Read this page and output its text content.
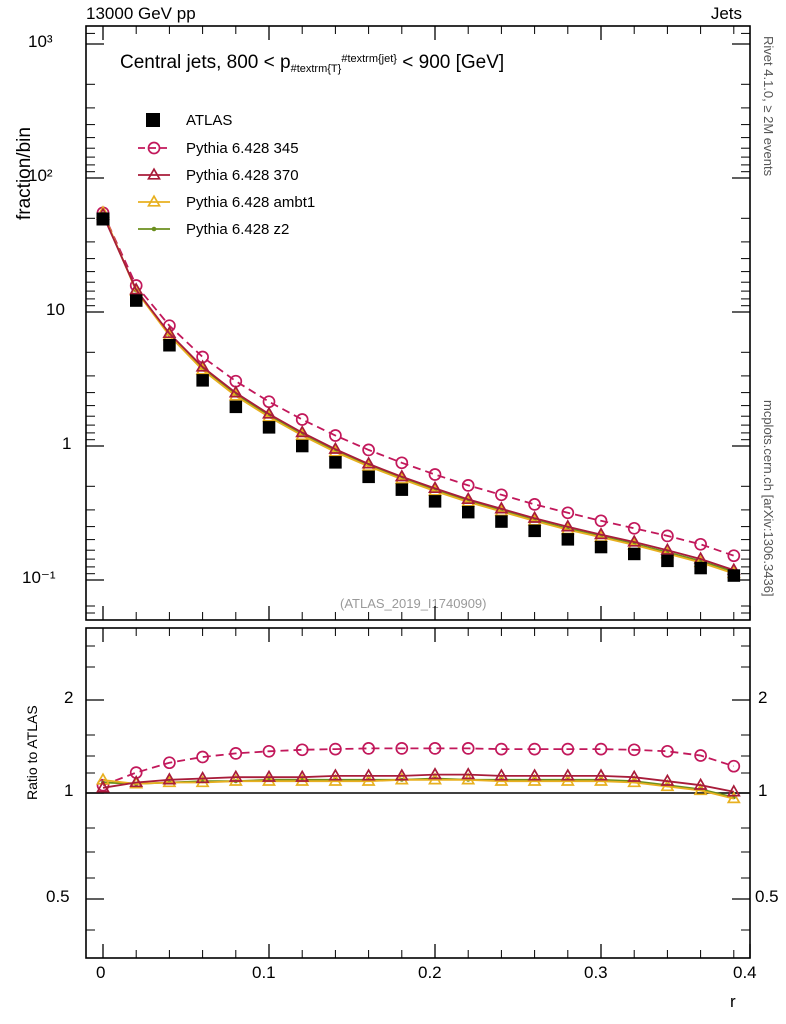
13000 GeV pp	Jets
Rivet 4.1.0, ≥ 2M events
mcplots.cern.ch [arXiv:1306.3436]
fraction/bin
Ratio to ATLAS
Central jets, $800 < p_{\#textrm\{T\}}^{\#textrm\{jet\}} < 900$ [GeV]
r
(ATLAS_2019_I1740909)
10³
10²
10
1
10⁻¹
2
1
0.5
2
1
0.5
0	0.1	0.2	0.3	0.4
ATLAS
Pythia 6.428 345
Pythia 6.428 370
Pythia 6.428 ambt1
Pythia 6.428 z2
